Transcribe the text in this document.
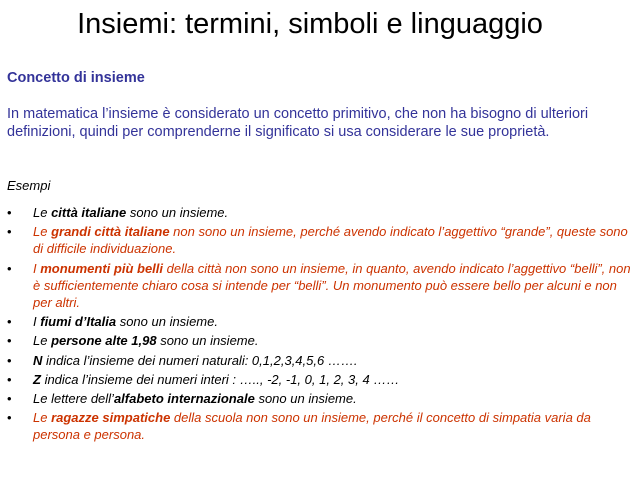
Insiemi: termini, simboli e linguaggio
Concetto di insieme
In matematica l’insieme è considerato un concetto primitivo, che non ha bisogno di ulteriori definizioni, quindi per comprenderne il significato si usa considerare le sue proprietà.
Esempi
• Le città italiane sono un insieme.
• Le grandi città italiane non sono un insieme, perché avendo indicato l’aggettivo “grande”, queste sono di difficile individuazione.
• I monumenti più belli della città non sono un insieme, in quanto, avendo indicato l’aggettivo “belli”, non è sufficientemente chiaro cosa si intende per “belli”. Un monumento può essere bello per alcuni e non per altri.
• I fiumi d’Italia sono un insieme.
• Le persone alte 1,98 sono un insieme.
• N indica l’insieme dei numeri naturali: 0,1,2,3,4,5,6 …….
• Z indica l’insieme dei numeri interi : ….., -2, -1, 0, 1, 2, 3, 4 ……
• Le lettere dell’alfabeto internazionale sono un insieme.
• Le ragazze simpatiche della scuola non sono un insieme, perché il concetto di simpatia varia da persona e persona.
